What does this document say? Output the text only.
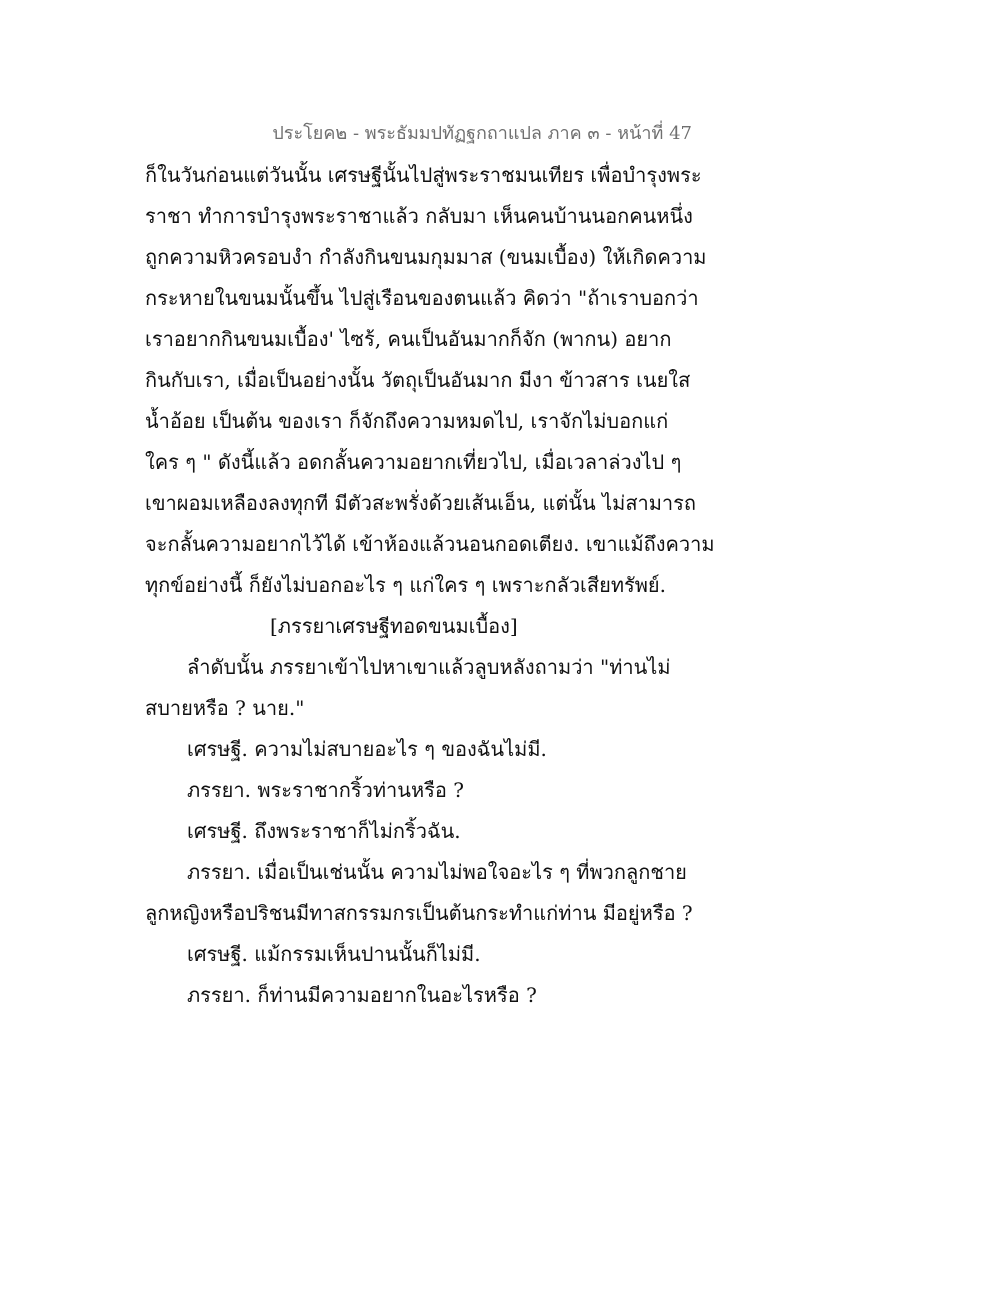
ประโยค๒ - พระธัมมปทัฏฐกถาแปล ภาค ๓ - หน้าที่ 47
ก็ในวันก่อนแต่วันนั้น เศรษฐีนั้นไปสู่พระราชมนเทียร เพื่อบำรุงพระ
ราชา ทำการบำรุงพระราชาแล้ว กลับมา เห็นคนบ้านนอกคนหนึ่ง
ถูกความหิวครอบงำ กำลังกินขนมกุมมาส (ขนมเบื้อง) ให้เกิดความ
กระหายในขนมนั้นขึ้น ไปสู่เรือนของตนแล้ว คิดว่า "ถ้าเราบอกว่า
เราอยากกินขนมเบื้อง' ไซร้, คนเป็นอันมากก็จัก (พากน) อยาก
กินกับเรา, เมื่อเป็นอย่างนั้น วัตถุเป็นอันมาก มีงา ข้าวสาร เนยใส
น้ำอ้อย เป็นต้น ของเรา ก็จักถึงความหมดไป, เราจักไม่บอกแก่
ใคร ๆ " ดังนี้แล้ว อดกลั้นความอยากเที่ยวไป, เมื่อเวลาล่วงไป ๆ
เขาผอมเหลืองลงทุกที มีตัวสะพรั่งด้วยเส้นเอ็น, แต่นั้น ไม่สามารถ
จะกลั้นความอยากไว้ได้ เข้าห้องแล้วนอนกอดเตียง. เขาแม้ถึงความ
ทุกข์อย่างนี้ ก็ยังไม่บอกอะไร ๆ แก่ใคร ๆ เพราะกลัวเสียทรัพย์.
[ภรรยาเศรษฐีทอดขนมเบื้อง]
ลำดับนั้น ภรรยาเข้าไปหาเขาแล้วลูบหลังถามว่า "ท่านไม่
สบายหรือ ? นาย."
เศรษฐี. ความไม่สบายอะไร ๆ ของฉันไม่มี.
ภรรยา. พระราชากริ้วท่านหรือ ?
เศรษฐี. ถึงพระราชาก็ไม่กริ้วฉัน.
ภรรยา. เมื่อเป็นเช่นนั้น ความไม่พอใจอะไร ๆ ที่พวกลูกชาย
ลูกหญิงหรือปริชนมีทาสกรรมกรเป็นต้นกระทำแก่ท่าน มีอยู่หรือ ?
เศรษฐี. แม้กรรมเห็นปานนั้นก็ไม่มี.
ภรรยา. ก็ท่านมีความอยากในอะไรหรือ ?
